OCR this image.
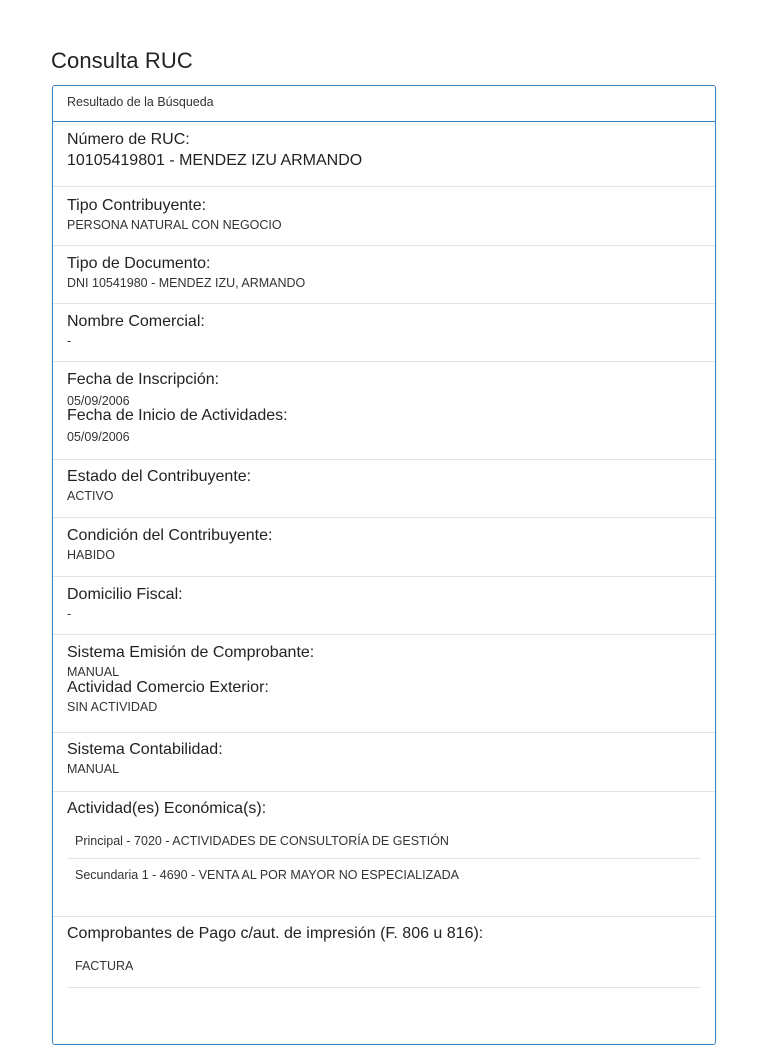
Consulta RUC
Resultado de la Búsqueda
Número de RUC:
10105419801 - MENDEZ IZU ARMANDO
Tipo Contribuyente:
PERSONA NATURAL CON NEGOCIO
Tipo de Documento:
DNI 10541980 - MENDEZ IZU, ARMANDO
Nombre Comercial:
-
Fecha de Inscripción:
05/09/2006
Fecha de Inicio de Actividades:
05/09/2006
Estado del Contribuyente:
ACTIVO
Condición del Contribuyente:
HABIDO
Domicilio Fiscal:
-
Sistema Emisión de Comprobante:
MANUAL
Actividad Comercio Exterior:
SIN ACTIVIDAD
Sistema Contabilidad:
MANUAL
Actividad(es) Económica(s):
Principal - 7020 - ACTIVIDADES DE CONSULTORÍA DE GESTIÓN
Secundaria 1 - 4690 - VENTA AL POR MAYOR NO ESPECIALIZADA
Comprobantes de Pago c/aut. de impresión (F. 806 u 816):
FACTURA
